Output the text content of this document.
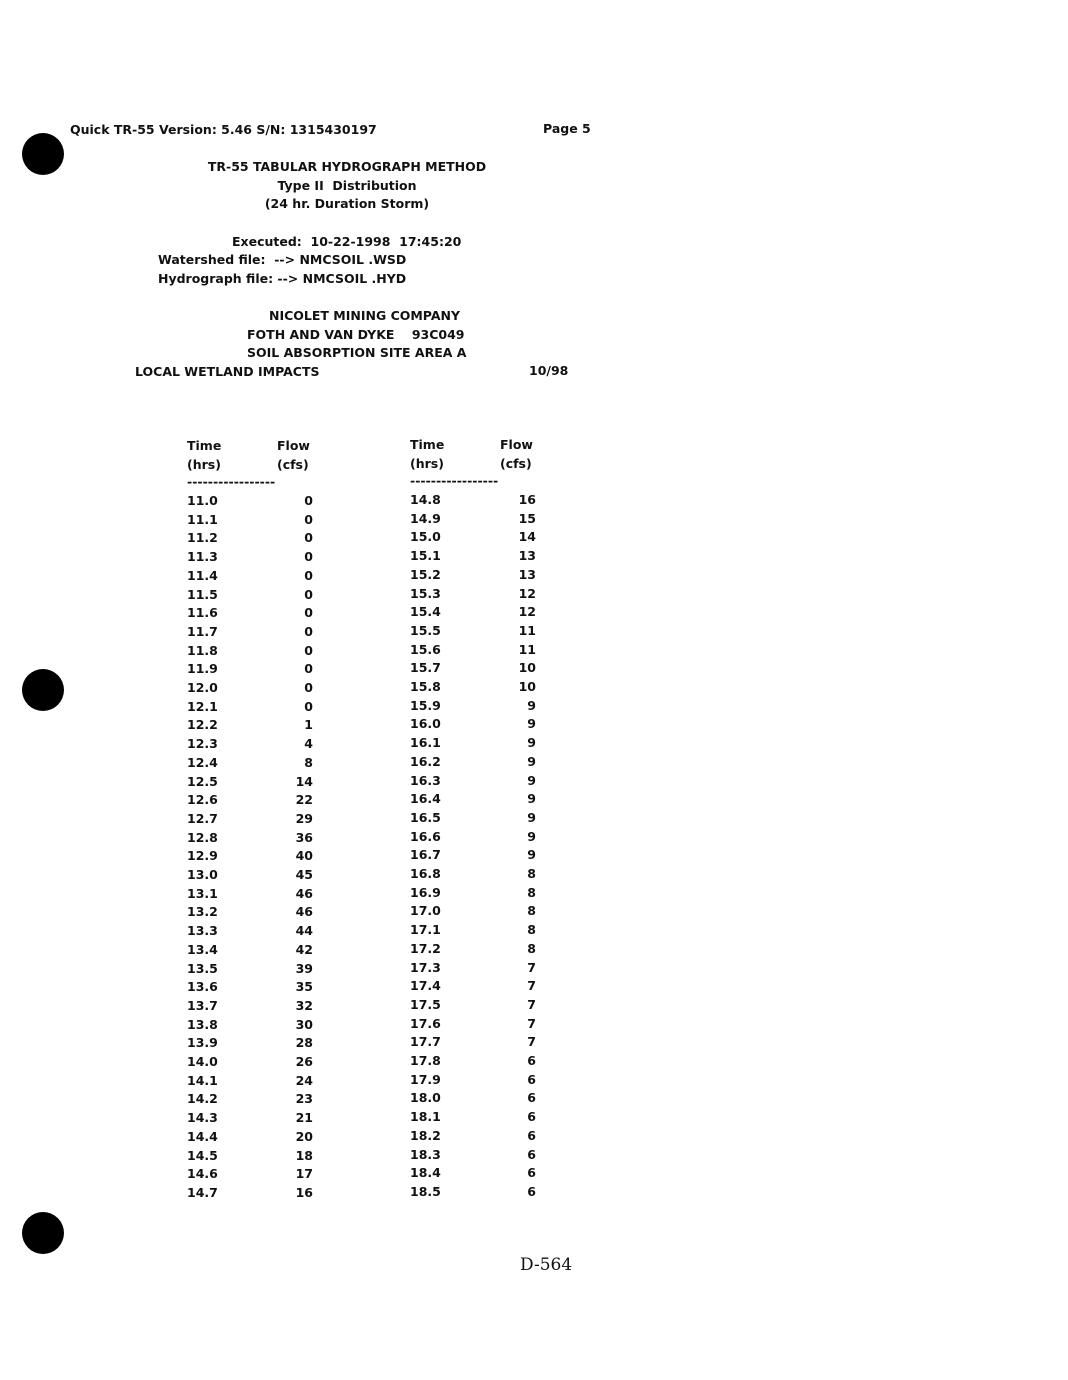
Quick TR-55 Version: 5.46 S/N: 1315430197	Page 5
TR-55 TABULAR HYDROGRAPH METHOD
Type II  Distribution
(24 hr. Duration Storm)
Executed:  10-22-1998  17:45:20
Watershed file:  --> NMCSOIL .WSD
Hydrograph file: --> NMCSOIL .HYD
NICOLET MINING COMPANY
FOTH AND VAN DYKE    93C049
SOIL ABSORPTION SITE AREA A
LOCAL WETLAND IMPACTS	10/98
Time	Flow
(hrs)	(cfs)
-----------------
11.0	0
11.1	0
11.2	0
11.3	0
11.4	0
11.5	0
11.6	0
11.7	0
11.8	0
11.9	0
12.0	0
12.1	0
12.2	1
12.3	4
12.4	8
12.5	14
12.6	22
12.7	29
12.8	36
12.9	40
13.0	45
13.1	46
13.2	46
13.3	44
13.4	42
13.5	39
13.6	35
13.7	32
13.8	30
13.9	28
14.0	26
14.1	24
14.2	23
14.3	21
14.4	20
14.5	18
14.6	17
14.7	16
Time	Flow
(hrs)	(cfs)
-----------------
14.8	16
14.9	15
15.0	14
15.1	13
15.2	13
15.3	12
15.4	12
15.5	11
15.6	11
15.7	10
15.8	10
15.9	9
16.0	9
16.1	9
16.2	9
16.3	9
16.4	9
16.5	9
16.6	9
16.7	9
16.8	8
16.9	8
17.0	8
17.1	8
17.2	8
17.3	7
17.4	7
17.5	7
17.6	7
17.7	7
17.8	6
17.9	6
18.0	6
18.1	6
18.2	6
18.3	6
18.4	6
18.5	6
D-564
